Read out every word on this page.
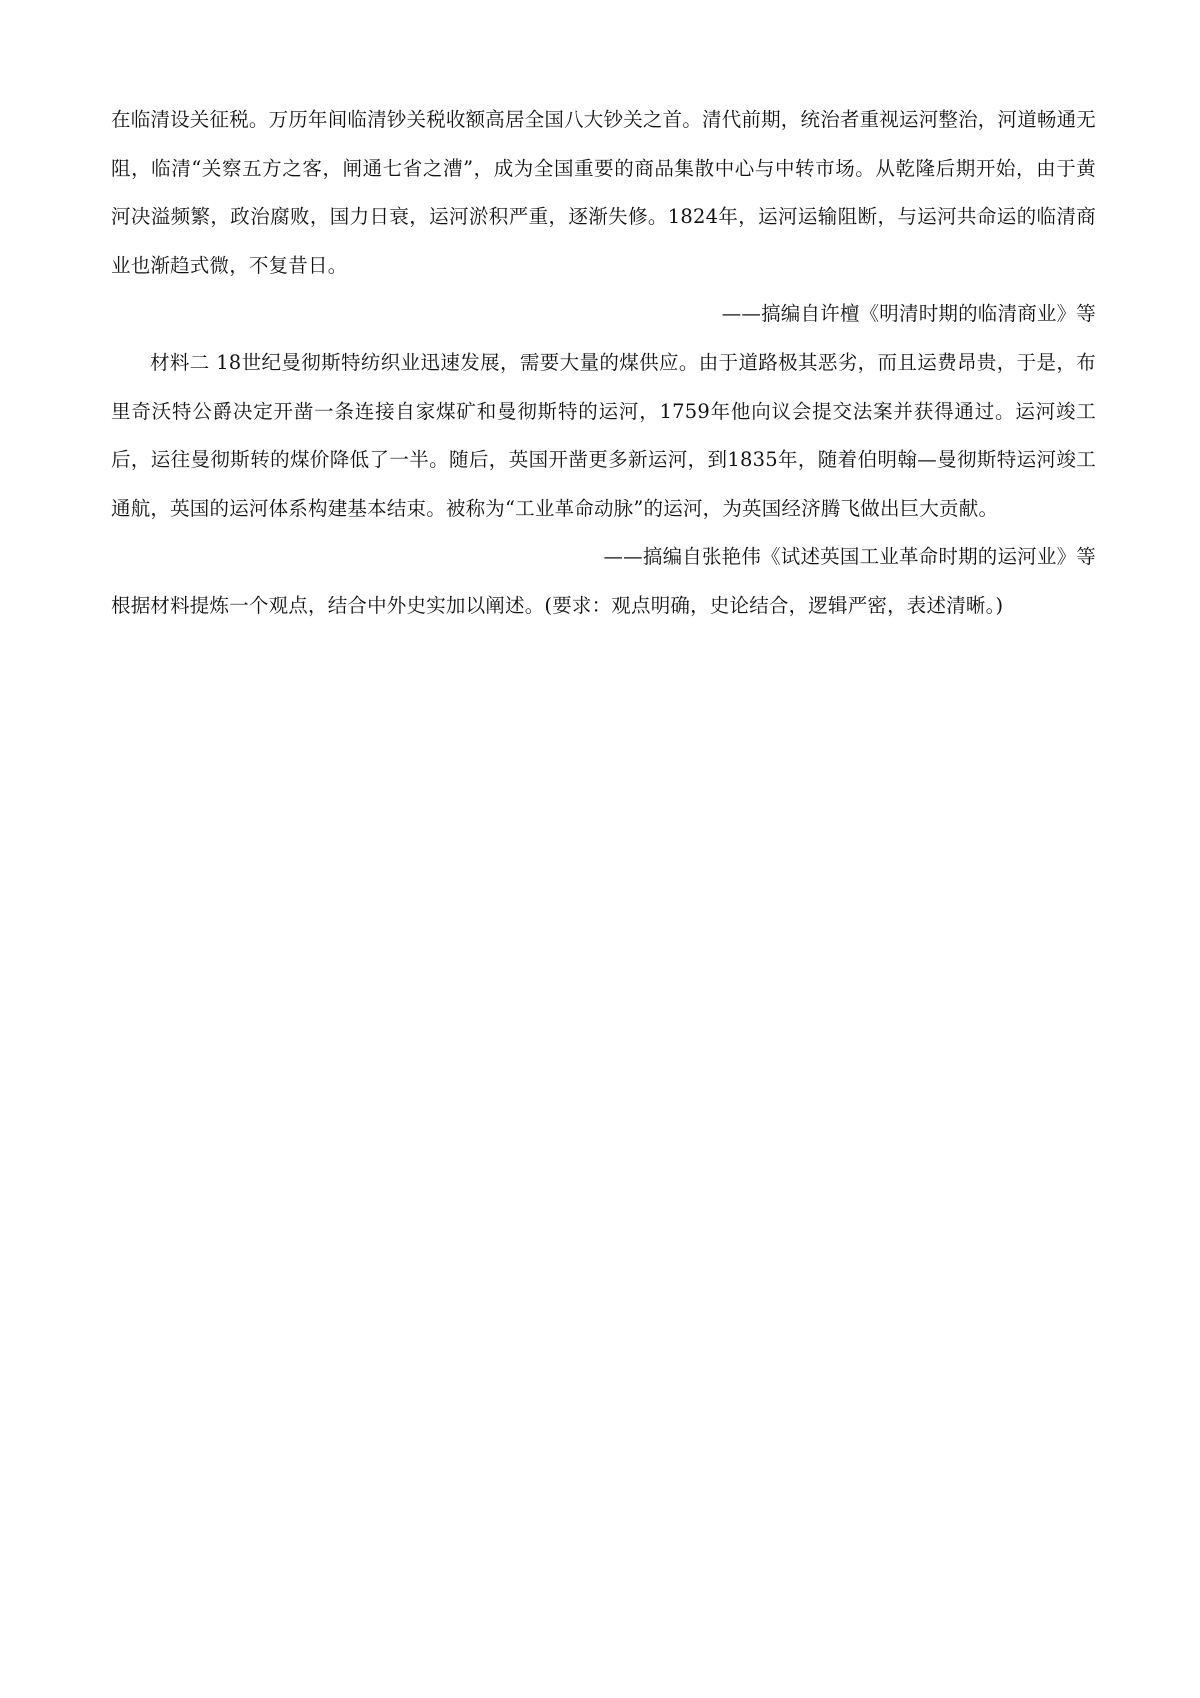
在临清设关征税。万历年间临清钞关税收额高居全国八大钞关之首。清代前期，统治者重视运河整治，河道畅通无阻，临清“关察五方之客，闸通七省之漕”，成为全国重要的商品集散中心与中转市场。从乾隆后期开始，由于黄河决溢频繁，政治腐败，国力日衰，运河淤积严重，逐渐失修。1824年，运河运输阻断，与运河共命运的临清商业也渐趋式微，不复昔日。

——搞编自许檀《明清时期的临清商业》等

材料二 18世纪曼彻斯特纺织业迅速发展，需要大量的煤供应。由于道路极其恶劣，而且运费昂贵，于是，布里奇沃特公爵决定开凿一条连接自家煤矿和曼彻斯特的运河，1759年他向议会提交法案并获得通过。运河竣工后，运往曼彻斯转的煤价降低了一半。随后，英国开凿更多新运河，到1835年，随着伯明翰—曼彻斯特运河竣工通航，英国的运河体系构建基本结束。被称为“工业革命动脉”的运河，为英国经济腾飞做出巨大贡献。

——搞编自张艳伟《试述英国工业革命时期的运河业》等

根据材料提炼一个观点，结合中外史实加以阐述。(要求：观点明确，史论结合，逻辑严密，表述清晰。)
